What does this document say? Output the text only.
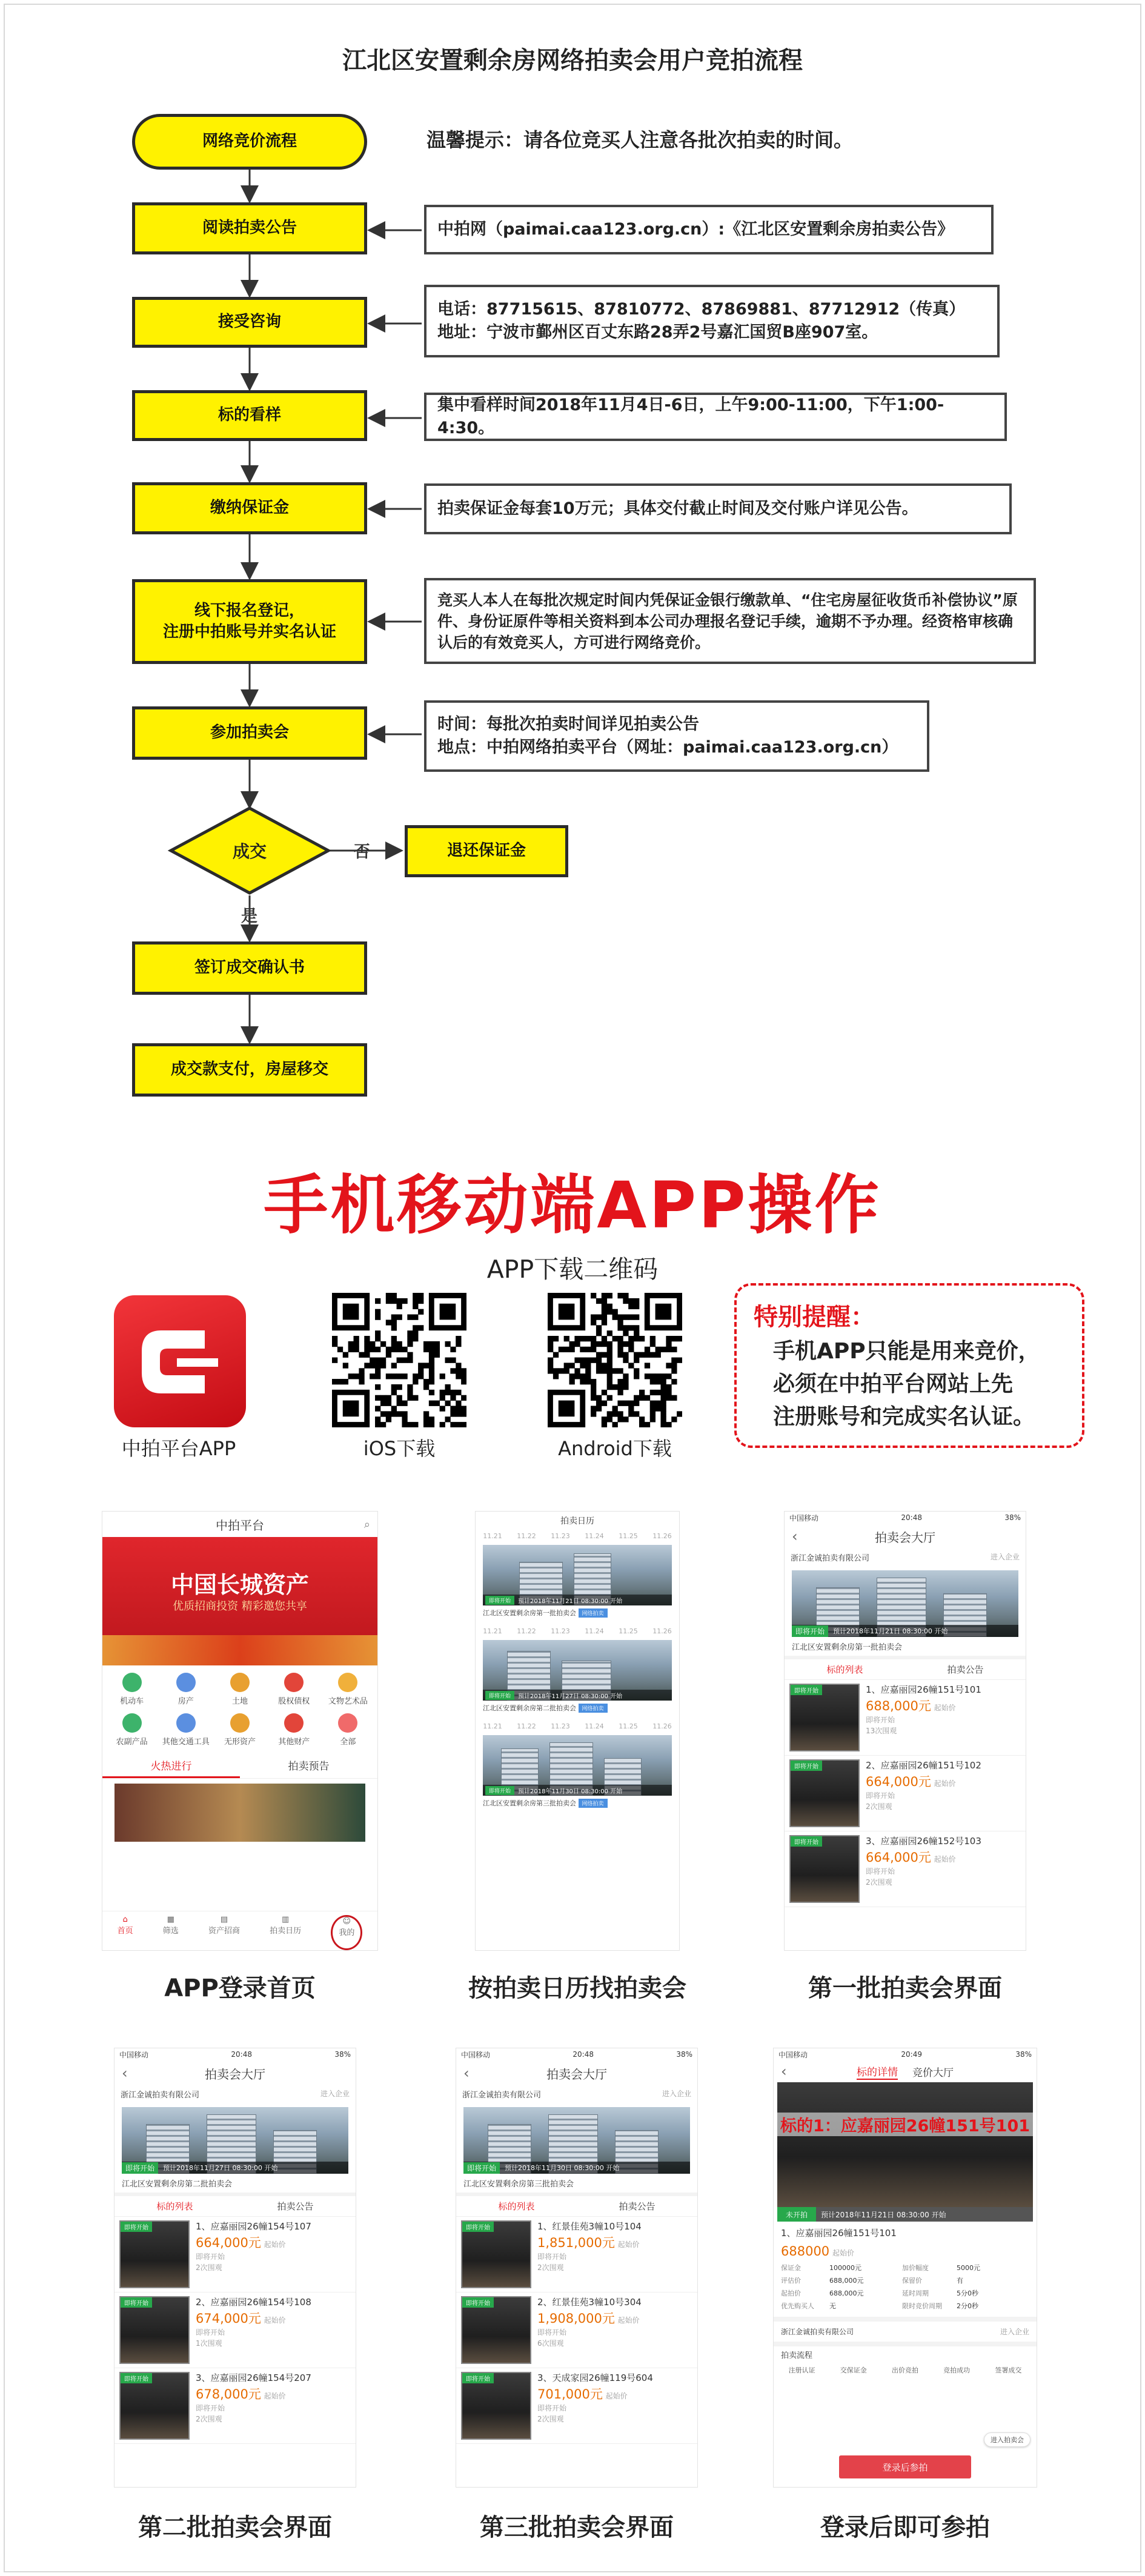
江北区安置剩余房网络拍卖会用户竞拍流程
网络竞价流程	温馨提示：请各位竞买人注意各批次拍卖的时间。
阅读拍卖公告	中拍网（paimai.caa123.org.cn）:《江北区安置剩余房拍卖公告》
接受咨询
电话：87715615、87810772、87869881、87712912（传真）
地址：宁波市鄞州区百丈东路28弄2号嘉汇国贸B座907室。
标的看样
集中看样时间2018年11月4日-6日，上午9:00-11:00，下午1:00-4:30。
缴纳保证金	拍卖保证金每套10万元；具体交付截止时间及交付账户详见公告。
线下报名登记，
注册中拍账号并实名认证
竞买人本人在每批次规定时间内凭保证金银行缴款单、“住宅房屋征收货币补偿协议”原件、身份证原件等相关资料到本公司办理报名登记手续，逾期不予办理。经资格审核确认后的有效竞买人，方可进行网络竞价。
参加拍卖会	时间：每批次拍卖时间详见拍卖公告
地点：中拍网络拍卖平台（网址：paimai.caa123.org.cn）
成交	否
是
退还保证金
签订成交确认书
成交款支付，房屋移交
手机移动端APP操作
APP下载二维码
中拍平台APP	iOS下载	Android下载
特别提醒：
手机APP只能是用来竞价，
必须在中拍平台网站上先
注册账号和完成实名认证。
中拍平台	⌕
中国长城资产
优质招商投资 精彩邀您共享
机动车	房产	土地	股权债权	文物艺术品
农副产品	其他交通工具	无形资产	其他财产	全部
火热进行	拍卖预告
⌂
首页
▦
筛选
▤
资产招商
▥
拍卖日历
☺
我的
APP登录首页
拍卖日历
11.21 11.22 11.23 11.24 11.25 11.26
即将开始	预计2018年11月21日 08:30:00 开始
江北区安置剩余房第一批拍卖会 网络拍卖
11.21 11.22 11.23 11.24 11.25 11.26
即将开始	预计2018年11月27日 08:30:00 开始
江北区安置剩余房第二批拍卖会 网络拍卖
11.21 11.22 11.23 11.24 11.25 11.26
即将开始	预计2018年11月30日 08:30:00 开始
江北区安置剩余房第三批拍卖会 网络拍卖
按拍卖日历找拍卖会
中国移动	20:48	38%
‹	拍卖会大厅
浙江金诚拍卖有限公司	进入企业
即将开始	预计2018年11月21日 08:30:00 开始
江北区安置剩余房第一批拍卖会
标的列表	拍卖公告
即将开始	1、应嘉丽园26幢151号101
688,000元 起始价
即将开始
13次围观
即将开始	2、应嘉丽园26幢151号102
664,000元 起始价
即将开始
2次围观
即将开始	3、应嘉丽园26幢152号103
664,000元 起始价
即将开始
2次围观
第一批拍卖会界面
中国移动	20:48	38%
‹	拍卖会大厅
浙江金诚拍卖有限公司	进入企业
即将开始	预计2018年11月27日 08:30:00 开始
江北区安置剩余房第二批拍卖会
标的列表	拍卖公告
即将开始	1、应嘉丽园26幢154号107
664,000元 起始价
即将开始
2次围观
即将开始	2、应嘉丽园26幢154号108
674,000元 起始价
即将开始
1次围观
即将开始	3、应嘉丽园26幢154号207
678,000元 起始价
即将开始
2次围观
第二批拍卖会界面
中国移动	20:48	38%
‹	拍卖会大厅
浙江金诚拍卖有限公司	进入企业
即将开始	预计2018年11月30日 08:30:00 开始
江北区安置剩余房第三批拍卖会
标的列表	拍卖公告
即将开始	1、红景佳苑3幢10号104
1,851,000元 起始价
即将开始
2次围观
即将开始	2、红景佳苑3幢10号304
1,908,000元 起始价
即将开始
6次围观
即将开始	3、天成家园26幢119号604
701,000元 起始价
即将开始
2次围观
第三批拍卖会界面
中国移动	20:49	38%
‹	标的详情 竞价大厅
标的1：应嘉丽园26幢151号101
未开拍	预计2018年11月21日 08:30:00 开始
1、应嘉丽园26幢151号101
688000 起始价
保证金	100000元	加价幅度	5000元
评估价	688,000元	保留价	有
起拍价	688,000元	延时周期	5分0秒
优先购买人	无	限时竞价周期	2分0秒
浙江金诚拍卖有限公司	进入企业
拍卖流程
注册认证	交保证金	出价竞拍	竞拍成功	签署成交
进入拍卖会
登录后参拍
登录后即可参拍
